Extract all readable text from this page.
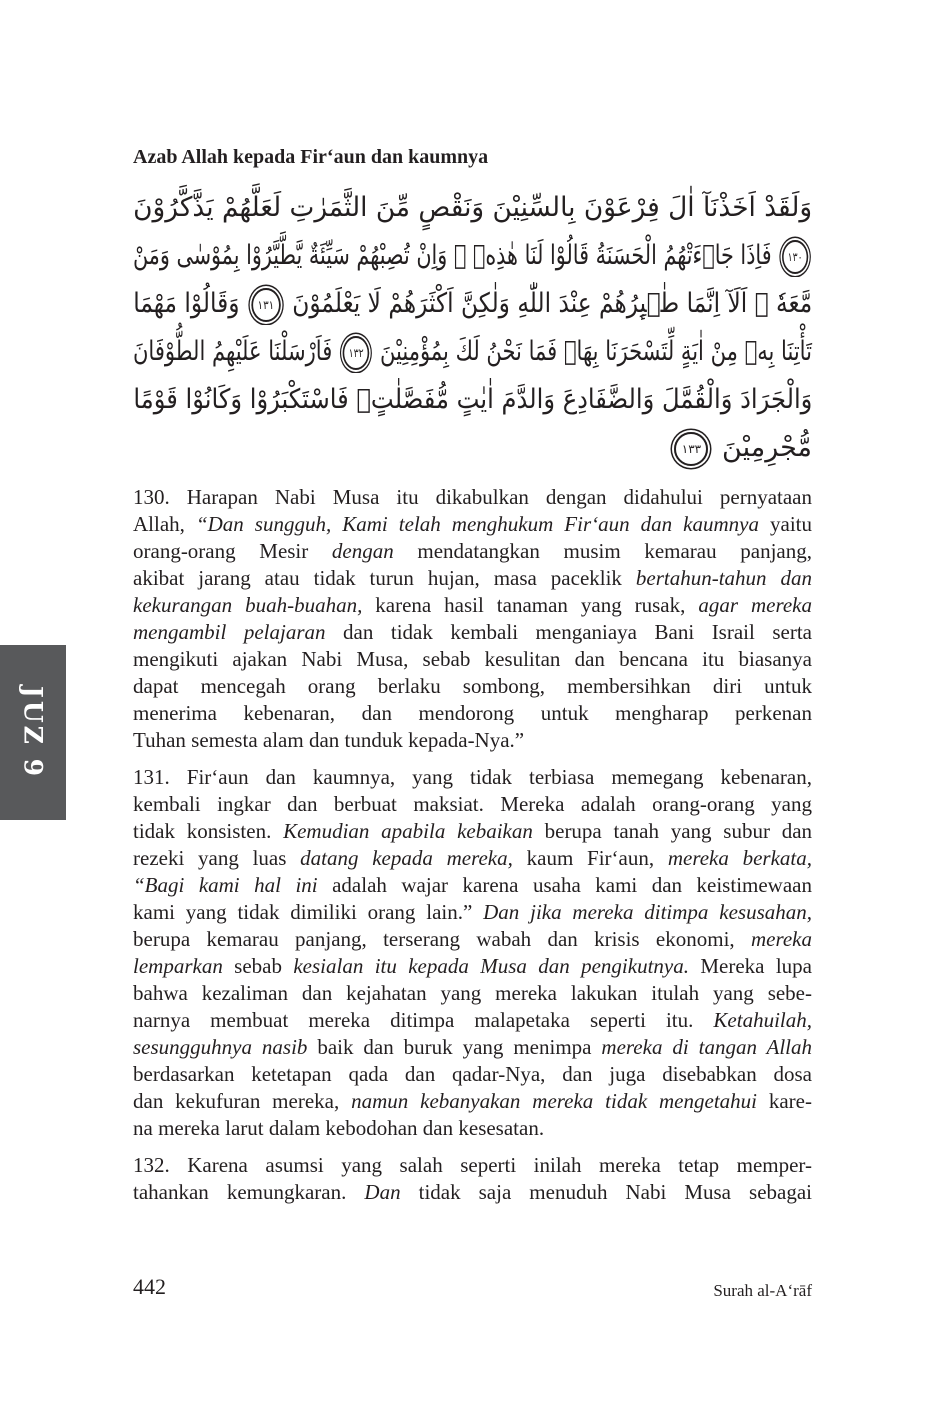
JUZ 9
Azab Allah kepada Fir‘aun dan kaumnya
وَلَقَدْ اَخَذْنَآ اٰلَ فِرْعَوْنَ بِالسِّنِيْنَ وَنَقْصٍ مِّنَ الثَّمَرٰتِ لَعَلَّهُمْ يَذَّكَّرُوْنَ
١٣٠ فَاِذَا جَاۤءَتْهُمُ الْحَسَنَةُ قَالُوْا لَنَا هٰذِهٖ ۚ وَاِنْ تُصِبْهُمْ سَيِّئَةٌ يَّطَّيَّرُوْا بِمُوْسٰى وَمَنْ
مَّعَهٗ ۗ اَلَآ اِنَّمَا طٰۤىِٕرُهُمْ عِنْدَ اللّٰهِ وَلٰكِنَّ اَكْثَرَهُمْ لَا يَعْلَمُوْنَ ١٣١ وَقَالُوْا مَهْمَا
تَأْتِنَا بِهٖ مِنْ اٰيَةٍ لِّتَسْحَرَنَا بِهَاۙ فَمَا نَحْنُ لَكَ بِمُؤْمِنِيْنَ ١٣٢ فَاَرْسَلْنَا عَلَيْهِمُ الطُّوْفَانَ
وَالْجَرَادَ وَالْقُمَّلَ وَالضَّفَادِعَ وَالدَّمَ اٰيٰتٍ مُّفَصَّلٰتٍۗ فَاسْتَكْبَرُوْا وَكَانُوْا قَوْمًا
مُّجْرِمِيْنَ ١٣٣
130. Harapan Nabi Musa itu dikabulkan dengan didahului pernyataan
Allah, “Dan sungguh, Kami telah menghukum Fir‘aun dan kaumnya yaitu
orang-orang Mesir dengan mendatangkan musim kemarau panjang,
akibat jarang atau tidak turun hujan, masa paceklik bertahun-tahun dan
kekurangan buah-buahan, karena hasil tanaman yang rusak, agar mereka
mengambil pelajaran dan tidak kembali menganiaya Bani Israil serta
mengikuti ajakan Nabi Musa, sebab kesulitan dan bencana itu biasanya
dapat mencegah orang berlaku sombong, membersihkan diri untuk
menerima kebenaran, dan mendorong untuk mengharap perkenan
Tuhan semesta alam dan tunduk kepada-Nya.”
131. Fir‘aun dan kaumnya, yang tidak terbiasa memegang kebenaran,
kembali ingkar dan berbuat maksiat. Mereka adalah orang-orang yang
tidak konsisten. Kemudian apabila kebaikan berupa tanah yang subur dan
rezeki yang luas datang kepada mereka, kaum Fir‘aun, mereka berkata,
“Bagi kami hal ini adalah wajar karena usaha kami dan keistimewaan
kami yang tidak dimiliki orang lain.” Dan jika mereka ditimpa kesusahan,
berupa kemarau panjang, terserang wabah dan krisis ekonomi, mereka
lemparkan sebab kesialan itu kepada Musa dan pengikutnya. Mereka lupa
bahwa kezaliman dan kejahatan yang mereka lakukan itulah yang sebe-
narnya membuat mereka ditimpa malapetaka seperti itu. Ketahuilah,
sesungguhnya nasib baik dan buruk yang menimpa mereka di tangan Allah
berdasarkan ketetapan qada dan qadar-Nya, dan juga disebabkan dosa
dan kekufuran mereka, namun kebanyakan mereka tidak mengetahui kare-
na mereka larut dalam kebodohan dan kesesatan.
132. Karena asumsi yang salah seperti inilah mereka tetap memper-
tahankan kemungkaran. Dan tidak saja menuduh Nabi Musa sebagai
442	Surah al-A‘rāf
